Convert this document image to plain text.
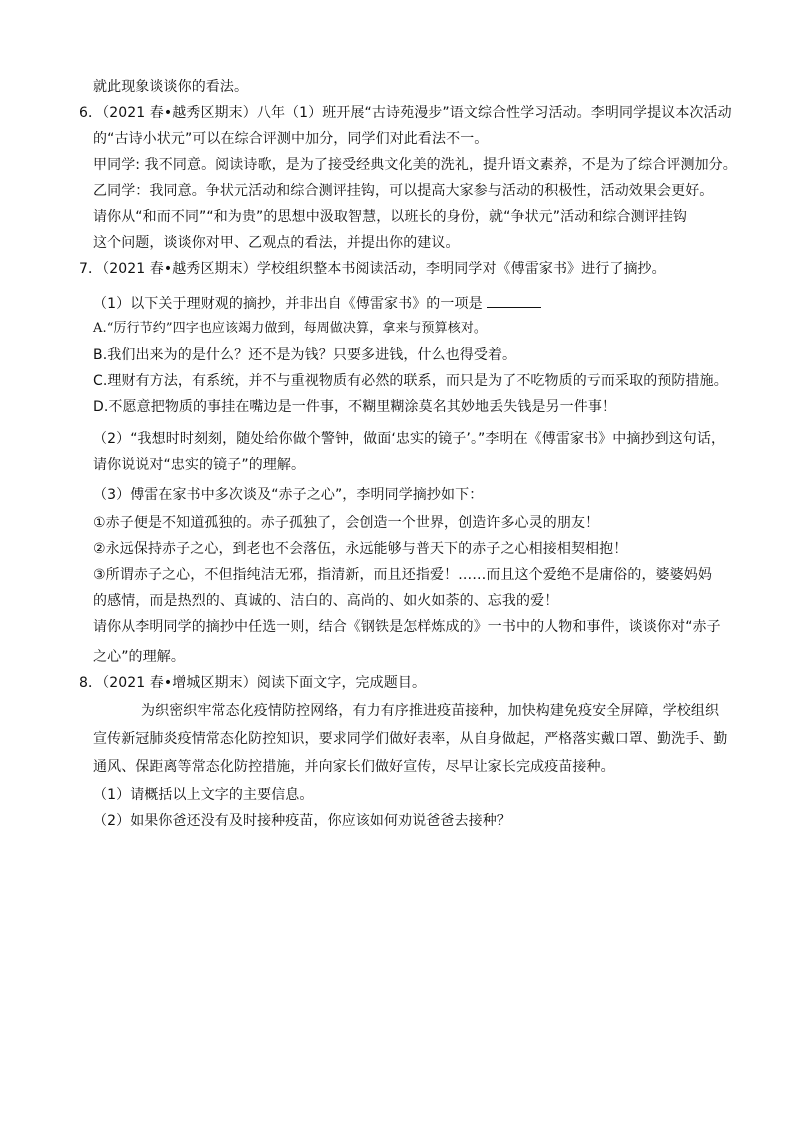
就此现象谈谈你的看法。
6．（2021 春•越秀区期末）八年（1）班开展“古诗苑漫步”语文综合性学习活动。李明同学提议本次活动
的“古诗小状元”可以在综合评测中加分，同学们对此看法不一。
甲同学: 我不同意。阅读诗歌，是为了接受经典文化美的洗礼，提升语文素养，不是为了综合评测加分。
乙同学：我同意。争状元活动和综合测评挂钩，可以提高大家参与活动的积极性，活动效果会更好。
请你从“和而不同”“和为贵”的思想中汲取智慧，以班长的身份，就“争状元”活动和综合测评挂钩
这个问题，谈谈你对甲、乙观点的看法，并提出你的建议。
7．（2021 春•越秀区期末）学校组织整本书阅读活动，李明同学对《傅雷家书》进行了摘抄。
（1）以下关于理财观的摘抄，并非出自《傅雷家书》的一项是
A.“厉行节约”四字也应该竭力做到，每周做决算，拿来与预算核对。
B.我们出来为的是什么？还不是为钱？只要多进钱，什么也得受着。
C.理财有方法，有系统，并不与重视物质有必然的联系，而只是为了不吃物质的亏而采取的预防措施。
D.不愿意把物质的事挂在嘴边是一件事，不糊里糊涂莫名其妙地丢失钱是另一件事！
（2）“我想时时刻刻，随处给你做个警钟，做面‘忠实的镜子’。”李明在《傅雷家书》中摘抄到这句话，
请你说说对“忠实的镜子”的理解。
（3）傅雷在家书中多次谈及“赤子之心”，李明同学摘抄如下：
①赤子便是不知道孤独的。赤子孤独了，会创造一个世界，创造许多心灵的朋友！
②永远保持赤子之心，到老也不会落伍，永远能够与普天下的赤子之心相接相契相抱！
③所谓赤子之心，不但指纯洁无邪，指清新，而且还指爱！……而且这个爱绝不是庸俗的，婆婆妈妈
的感情，而是热烈的、真诚的、洁白的、高尚的、如火如荼的、忘我的爱！
请你从李明同学的摘抄中任选一则，结合《钢铁是怎样炼成的》一书中的人物和事件，谈谈你对“赤子
之心”的理解。
8．（2021 春•增城区期末）阅读下面文字，完成题目。
为织密织牢常态化疫情防控网络，有力有序推进疫苗接种，加快构建免疫安全屏障，学校组织
宣传新冠肺炎疫情常态化防控知识，要求同学们做好表率，从自身做起，严格落实戴口罩、勤洗手、勤
通风、保距离等常态化防控措施，并向家长们做好宣传，尽早让家长完成疫苗接种。
（1）请概括以上文字的主要信息。
（2）如果你爸还没有及时接种疫苗，你应该如何劝说爸爸去接种？
